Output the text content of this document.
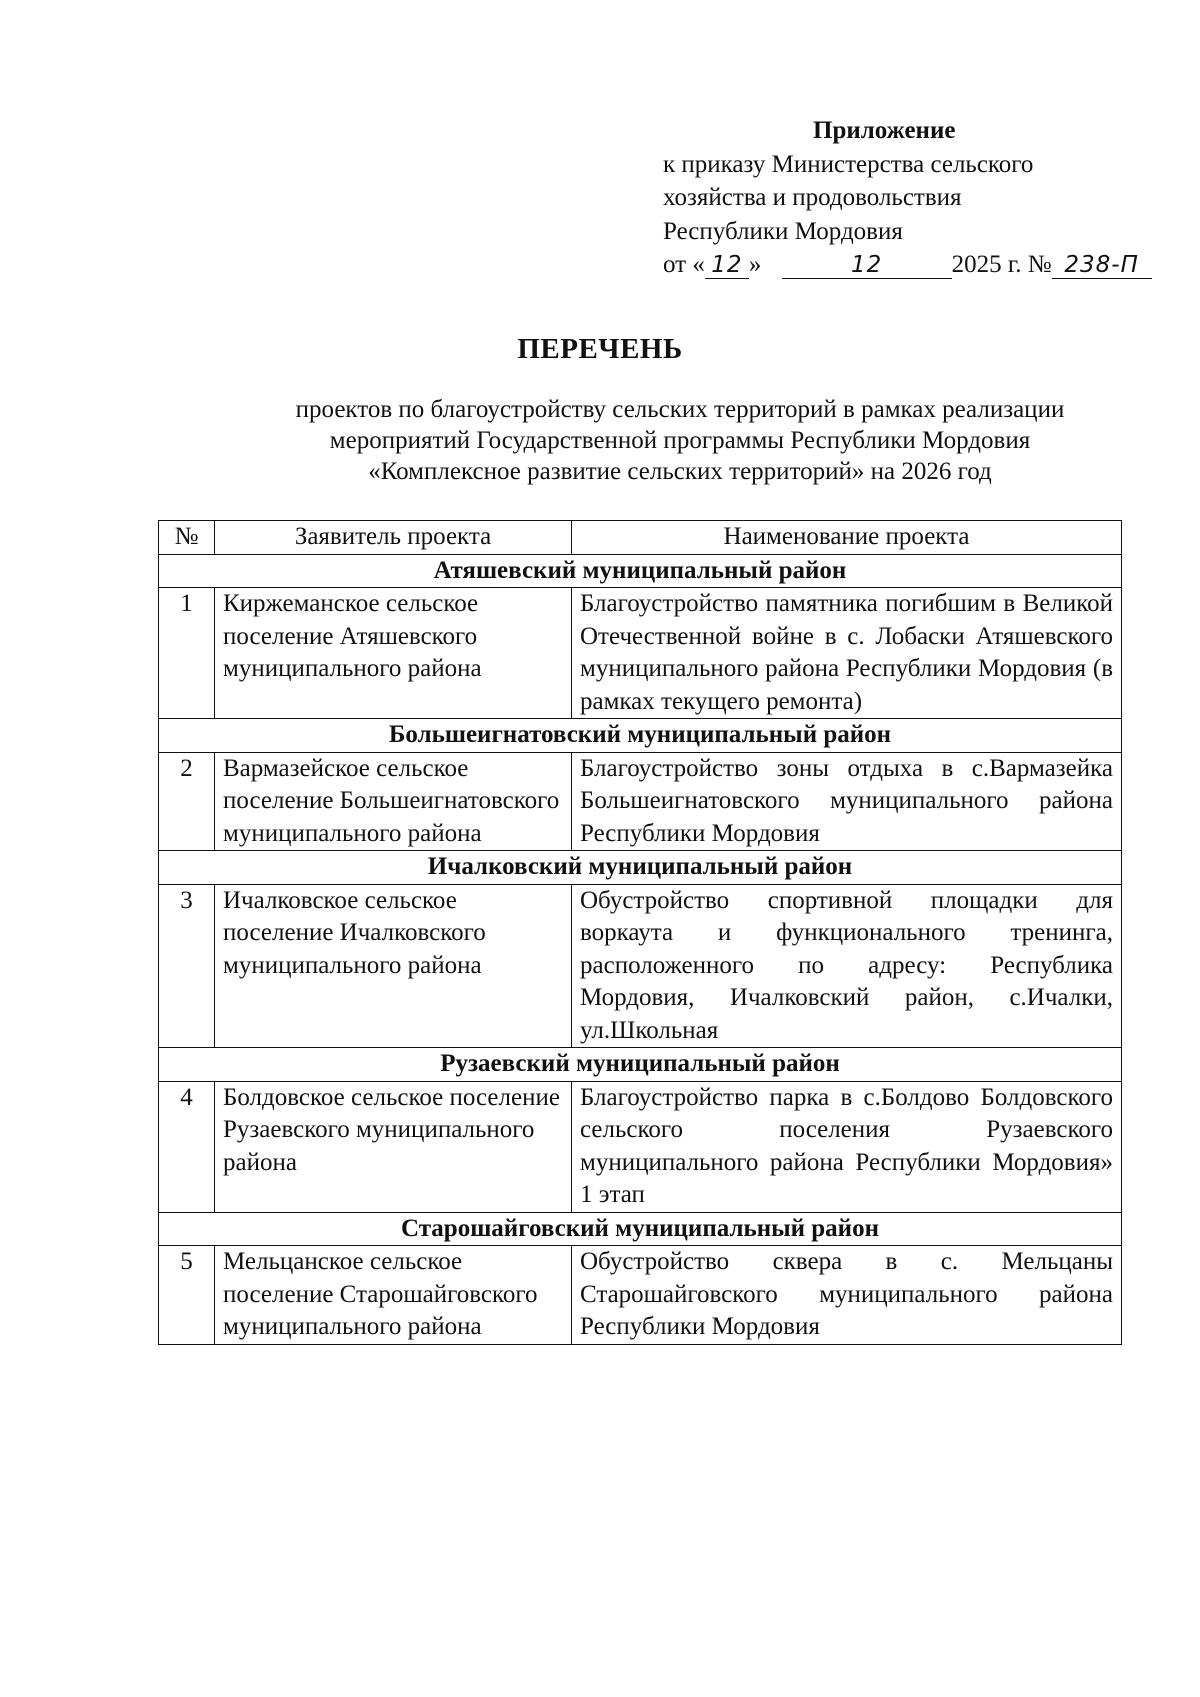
Приложение
к приказу Министерства сельского
хозяйства и продовольствия
Республики Мордовия
от « 12 »	12	2025 г. № 238-П
ПЕРЕЧЕНЬ
проектов по благоустройству сельских территорий в рамках реализации
мероприятий Государственной программы Республики Мордовия
«Комплексное развитие сельских территорий» на 2026 год
№	Заявитель проекта	Наименование проекта
Атяшевский муниципальный район		
1	Киржеманское сельское поселение Атяшевского муниципального района	Благоустройство памятника погибшим в Великой Отечественной войне в с. Лобаски Атяшевского муниципального района Республики Мордовия (в рамках текущего ремонта)
Большеигнатовский муниципальный район		
2	Вармазейское сельское поселение Большеигнатовского муниципального района	Благоустройство зоны отдыха в с.Вармазейка Большеигнатовского муниципального района Республики Мордовия
Ичалковский муниципальный район		
3	Ичалковское сельское поселение Ичалковского муниципального района	Обустройство спортивной площадки для воркаута и функционального тренинга, расположенного по адресу: Республика Мордовия, Ичалковский район, с.Ичалки, ул.Школьная
Рузаевский муниципальный район		
4	Болдовское сельское поселение Рузаевского муниципального района	Благоустройство парка в с.Болдово Болдовского сельского поселения Рузаевского муниципального района Республики Мордовия» 1 этап
Старошайговский муниципальный район		
5	Мельцанское сельское поселение Старошайговского муниципального района	Обустройство сквера в с. Мельцаны Старошайговского муниципального района Республики Мордовия
